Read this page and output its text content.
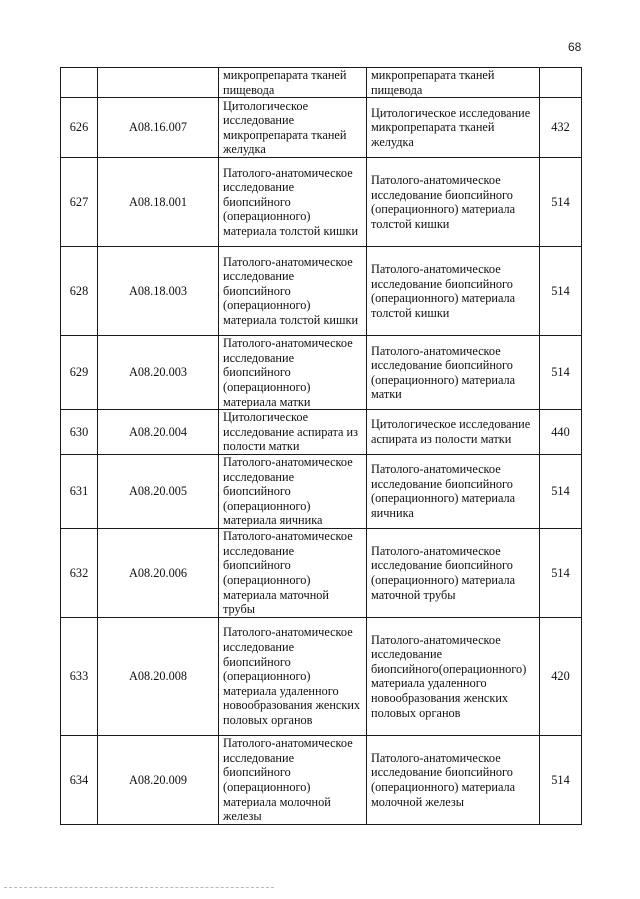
68
		микропрепарата тканей пищевода	микропрепарата тканей пищевода	
626	A08.16.007	Цитологическое исследование микропрепарата тканей желудка	Цитологическое исследование микропрепарата тканей желудка	432
627	A08.18.001	Патолого-анатомическое исследование биопсийного (операционного) материала толстой кишки	Патолого-анатомическое исследование биопсийного (операционного) материала толстой кишки	514
628	A08.18.003	Патолого-анатомическое исследование биопсийного (операционного) материала толстой кишки	Патолого-анатомическое исследование биопсийного (операционного) материала толстой кишки	514
629	A08.20.003	Патолого-анатомическое исследование биопсийного (операционного) материала матки	Патолого-анатомическое исследование биопсийного (операционного) материала матки	514
630	A08.20.004	Цитологическое исследование аспирата из полости матки	Цитологическое исследование аспирата из полости матки	440
631	A08.20.005	Патолого-анатомическое исследование биопсийного (операционного) материала яичника	Патолого-анатомическое исследование биопсийного (операционного) материала яичника	514
632	A08.20.006	Патолого-анатомическое исследование биопсийного (операционного) материала маточной трубы	Патолого-анатомическое исследование биопсийного (операционного) материала маточной трубы	514
633	A08.20.008	Патолого-анатомическое исследование биопсийного (операционного) материала удаленного новообразования женских половых органов	Патолого-анатомическое исследование биопсийного(операционного) материала удаленного новообразования женских половых органов	420
634	A08.20.009	Патолого-анатомическое исследование биопсийного (операционного) материала молочной железы	Патолого-анатомическое исследование биопсийного (операционного) материала молочной железы	514
